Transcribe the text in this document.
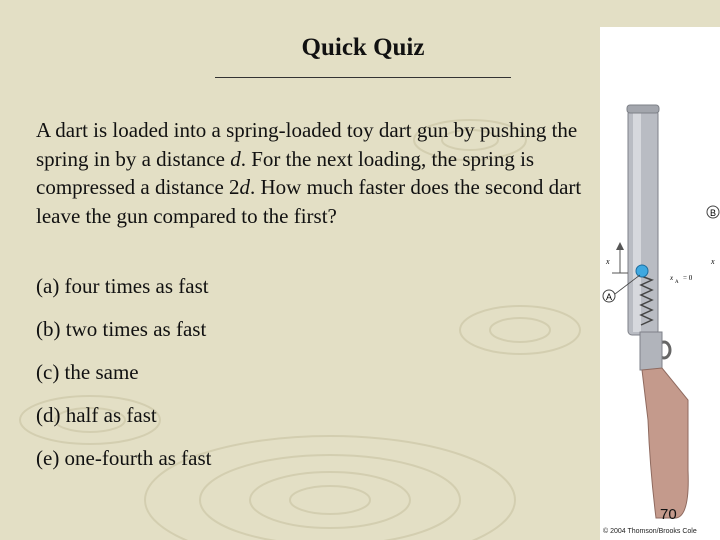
Quick Quiz
A dart is loaded into a spring-loaded toy dart gun by pushing the spring in by a distance d. For the next loading, the spring is compressed a distance 2d. How much faster does the second dart leave the gun compared to the first?
(a) four times as fast
(b) two times as fast
(c) the same
(d) half as fast
(e) one-fourth as fast
A
B
x	x
x
A
= 0
70
© 2004 Thomson/Brooks Cole
